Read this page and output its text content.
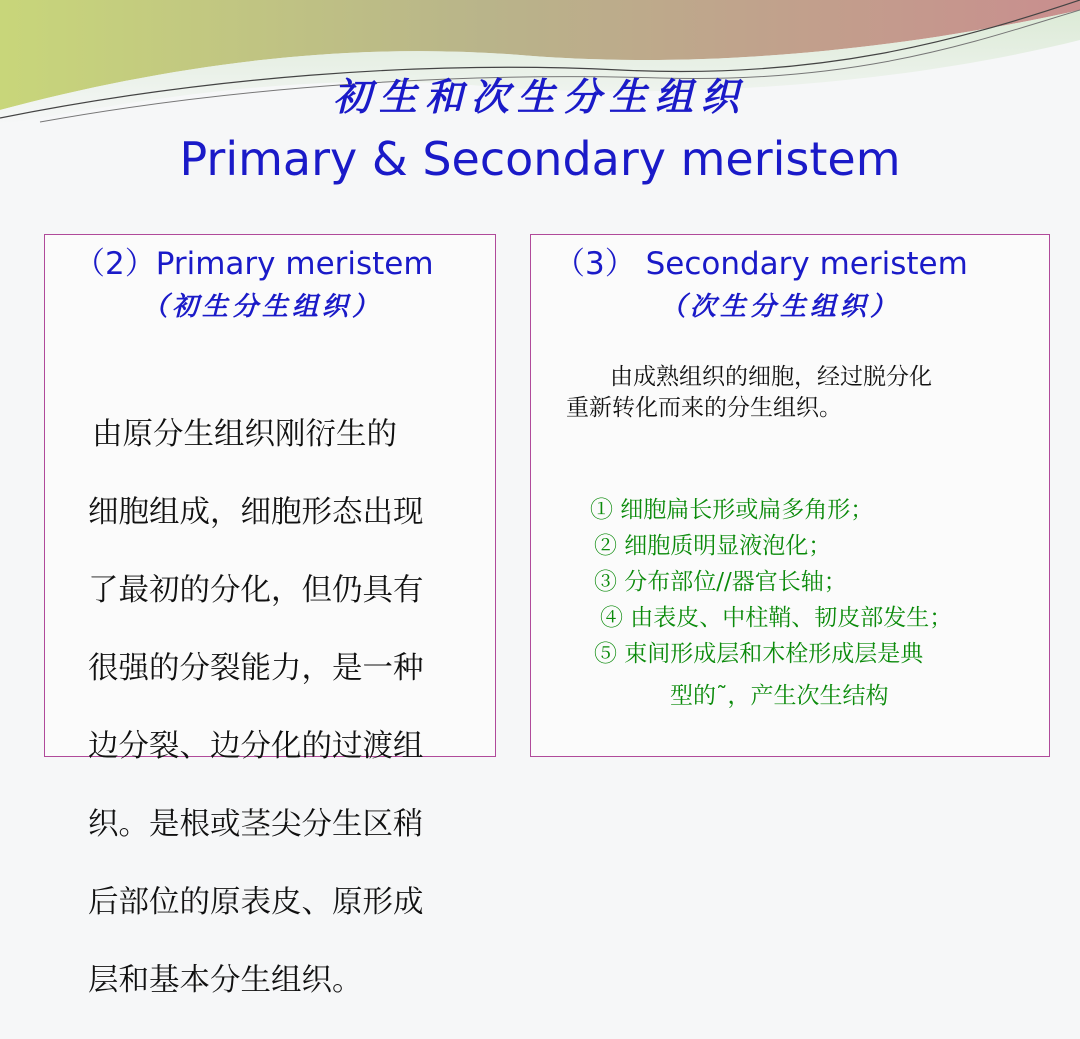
初生和次生分生组织
Primary & Secondary meristem
（2）Primary meristem
（初生分生组织）
（3） Secondary meristem
（次生分生组织）

由原分生组织刚衍生的

细胞组成，细胞形态出现

了最初的分化，但仍具有

很强的分裂能力，是一种

边分裂、边分化的过渡组

织。是根或茎尖分生区稍

后部位的原表皮、原形成

层和基本分生组织。

由成熟组织的细胞，经过脱分化
重新转化而来的分生组织。
① 细胞扁长形或扁多角形；
② 细胞质明显液泡化；
③ 分布部位//器官长轴；
④ 由表皮、中柱鞘、韧皮部发生；
⑤ 束间形成层和木栓形成层是典
型的˜，产生次生结构
